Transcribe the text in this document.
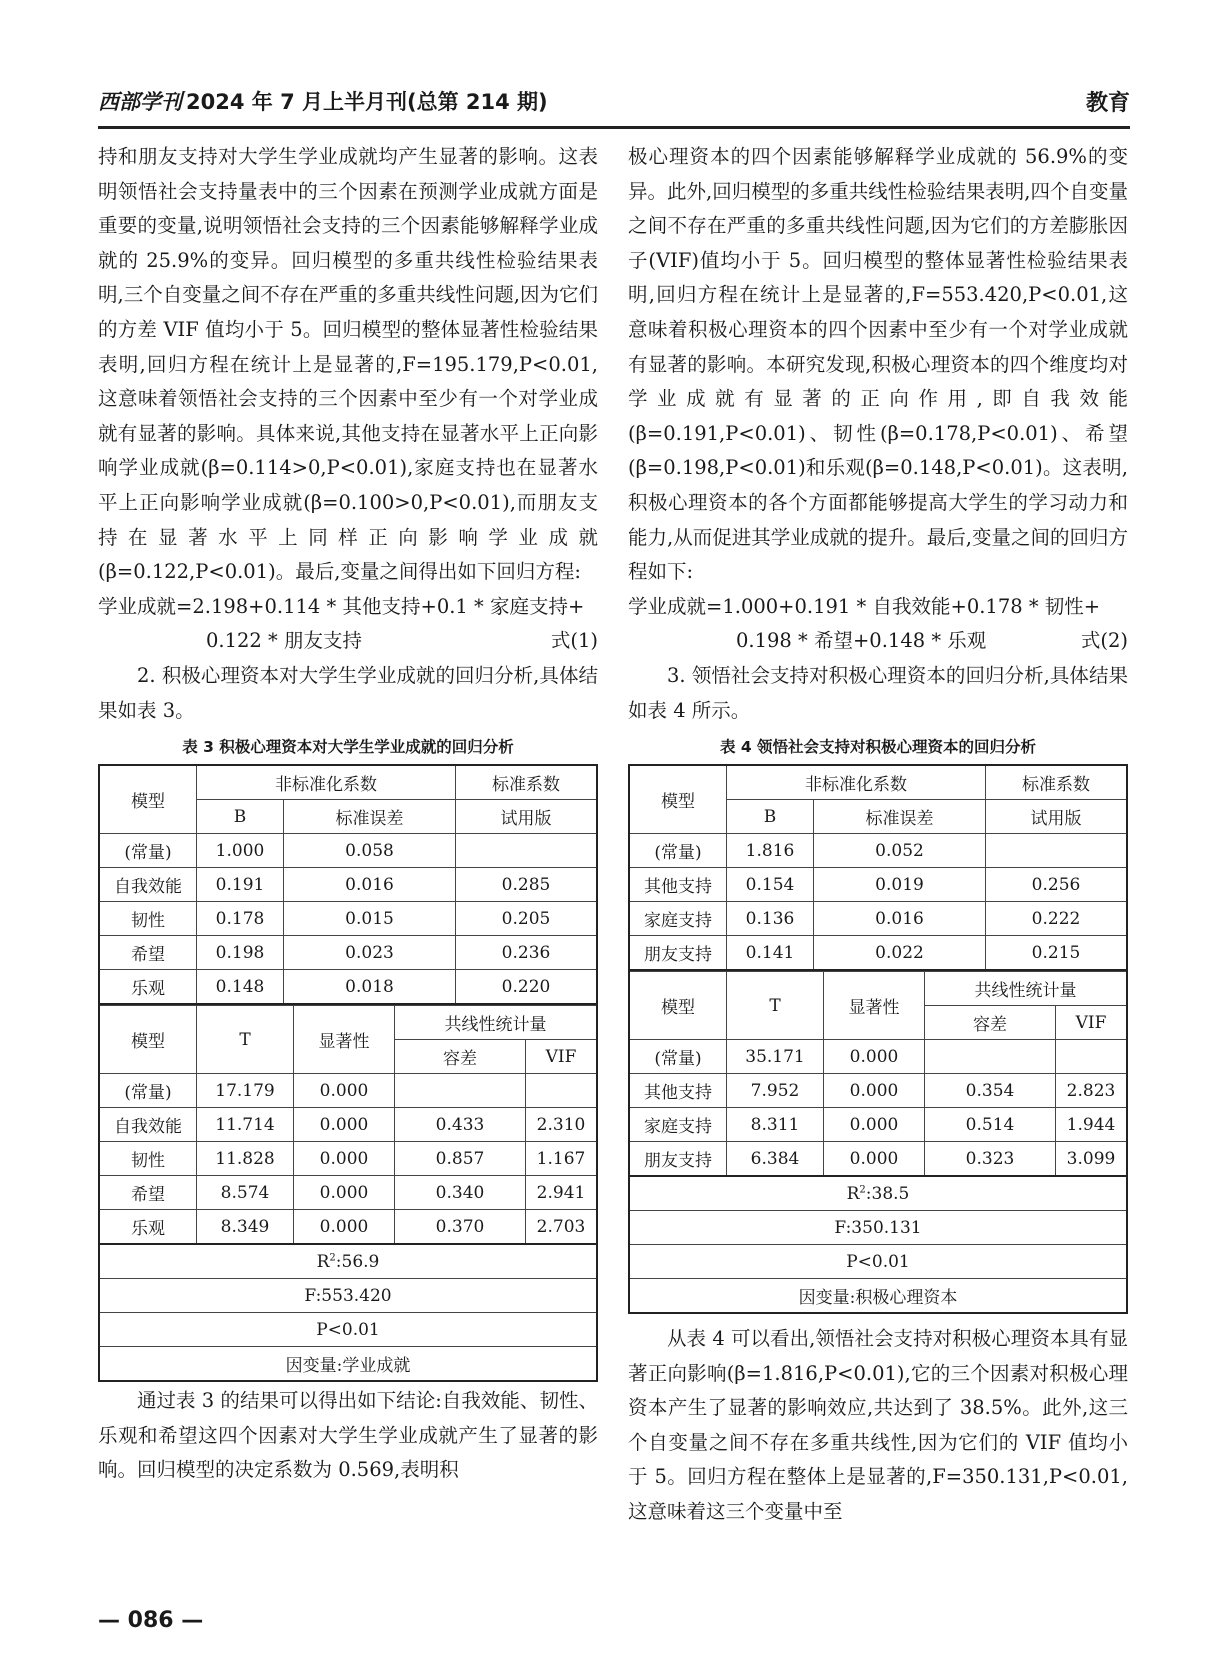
西部学刊 2024 年 7 月上半月刊(总第 214 期)	教育

持和朋友支持对大学生学业成就均产生显著的影响。这表明领悟社会支持量表中的三个因素在预测学业成就方面是重要的变量,说明领悟社会支持的三个因素能够解释学业成就的 25.9%的变异。回归模型的多重共线性检验结果表明,三个自变量之间不存在严重的多重共线性问题,因为它们的方差 VIF 值均小于 5。回归模型的整体显著性检验结果表明,回归方程在统计上是显著的,F=195.179,P<0.01,这意味着领悟社会支持的三个因素中至少有一个对学业成就有显著的影响。具体来说,其他支持在显著水平上正向影响学业成就(β=0.114>0,P<0.01),家庭支持也在显著水平上正向影响学业成就(β=0.100>0,P<0.01),而朋友支持在显著水平上同样正向影响学业成就(β=0.122,P<0.01)。最后,变量之间得出如下回归方程:

学业成就=2.198+0.114 * 其他支持+0.1 * 家庭支持+
0.122 * 朋友支持	式(1)

2. 积极心理资本对大学生学业成就的回归分析,具体结果如表 3。

表 3 积极心理资本对大学生学业成就的回归分析
模型	非标准化系数		标准系数
	B	标准误差	试用版
(常量)	1.000	0.058	
自我效能	0.191	0.016	0.285
韧性	0.178	0.015	0.205
希望	0.198	0.023	0.236
乐观	0.148	0.018	0.220
模型	T	显著性	共线性统计量	
			容差	VIF
(常量)	17.179	0.000		
自我效能	11.714	0.000	0.433	2.310
韧性	11.828	0.000	0.857	1.167
希望	8.574	0.000	0.340	2.941
乐观	8.349	0.000	0.370	2.703
$R^2:56.9$				
F:553.420				
P<0.01				
因变量:学业成就				

通过表 3 的结果可以得出如下结论:自我效能、韧性、乐观和希望这四个因素对大学生学业成就产生了显著的影响。回归模型的决定系数为 0.569,表明积

极心理资本的四个因素能够解释学业成就的 56.9%的变异。此外,回归模型的多重共线性检验结果表明,四个自变量之间不存在严重的多重共线性问题,因为它们的方差膨胀因子(VIF)值均小于 5。回归模型的整体显著性检验结果表明,回归方程在统计上是显著的,F=553.420,P<0.01,这意味着积极心理资本的四个因素中至少有一个对学业成就有显著的影响。本研究发现,积极心理资本的四个维度均对学业成就有显著的正向作用,即自我效能(β=0.191,P<0.01)、韧性(β=0.178,P<0.01)、希望(β=0.198,P<0.01)和乐观(β=0.148,P<0.01)。这表明,积极心理资本的各个方面都能够提高大学生的学习动力和能力,从而促进其学业成就的提升。最后,变量之间的回归方程如下:

学业成就=1.000+0.191 * 自我效能+0.178 * 韧性+
0.198 * 希望+0.148 * 乐观	式(2)

3. 领悟社会支持对积极心理资本的回归分析,具体结果如表 4 所示。

表 4 领悟社会支持对积极心理资本的回归分析
模型	非标准化系数		标准系数
	B	标准误差	试用版
(常量)	1.816	0.052	
其他支持	0.154	0.019	0.256
家庭支持	0.136	0.016	0.222
朋友支持	0.141	0.022	0.215
模型	T	显著性	共线性统计量	
			容差	VIF
(常量)	35.171	0.000		
其他支持	7.952	0.000	0.354	2.823
家庭支持	8.311	0.000	0.514	1.944
朋友支持	6.384	0.000	0.323	3.099
$R^2:38.5$				
F:350.131				
P<0.01				
因变量:积极心理资本				

从表 4 可以看出,领悟社会支持对积极心理资本具有显著正向影响(β=1.816,P<0.01),它的三个因素对积极心理资本产生了显著的影响效应,共达到了 38.5%。此外,这三个自变量之间不存在多重共线性,因为它们的 VIF 值均小于 5。回归方程在整体上是显著的,F=350.131,P<0.01,这意味着这三个变量中至

— 086 —
